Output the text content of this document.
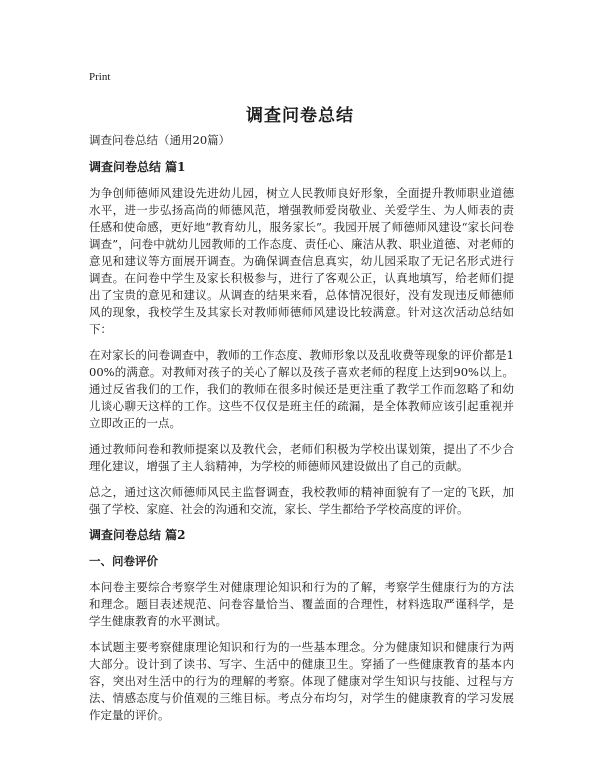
Print
调查问卷总结
调查问卷总结（通用20篇）
调查问卷总结 篇1

为争创师德师风建设先进幼儿园，树立人民教师良好形象，全面提升教师职业道德水平，进一步弘扬高尚的师德风范，增强教师爱岗敬业、关爱学生、为人师表的责任感和使命感，更好地“教育幼儿，服务家长”。我园开展了师德师风建设“家长问卷调查”，问卷中就幼儿园教师的工作态度、责任心、廉洁从教、职业道德、对老师的意见和建议等方面展开调查。为确保调查信息真实，幼儿园采取了无记名形式进行调查。在问卷中学生及家长积极参与，进行了客观公正，认真地填写，给老师们提出了宝贵的意见和建议。从调查的结果来看，总体情况很好，没有发现违反师德师风的现象，我校学生及其家长对教师师德师风建设比较满意。针对这次活动总结如下：

在对家长的问卷调查中，教师的工作态度、教师形象以及乱收费等现象的评价都是100%的满意。对教师对孩子的关心了解以及孩子喜欢老师的程度上达到90%以上。通过反省我们的工作，我们的教师在很多时候还是更注重了教学工作而忽略了和幼儿谈心聊天这样的工作。这些不仅仅是班主任的疏漏，是全体教师应该引起重视并立即改正的一点。

通过教师问卷和教师提案以及教代会，老师们积极为学校出谋划策，提出了不少合理化建议，增强了主人翁精神，为学校的师德师风建设做出了自己的贡献。

总之，通过这次师德师风民主监督调查，我校教师的精神面貌有了一定的飞跃，加强了学校、家庭、社会的沟通和交流，家长、学生都给予学校高度的评价。

调查问卷总结 篇2
一、问卷评价

本问卷主要综合考察学生对健康理论知识和行为的了解，考察学生健康行为的方法和理念。题目表述规范、问卷容量恰当、覆盖面的合理性，材料选取严谨科学，是学生健康教育的水平测试。

本试题主要考察健康理论知识和行为的一些基本理念。分为健康知识和健康行为两大部分。设计到了读书、写字、生活中的健康卫生。穿插了一些健康教育的基本内容，突出对生活中的行为的理解的考察。体现了健康对学生知识与技能、过程与方法、情感态度与价值观的三维目标。考点分布均匀，对学生的健康教育的学习发展作定量的评价。
